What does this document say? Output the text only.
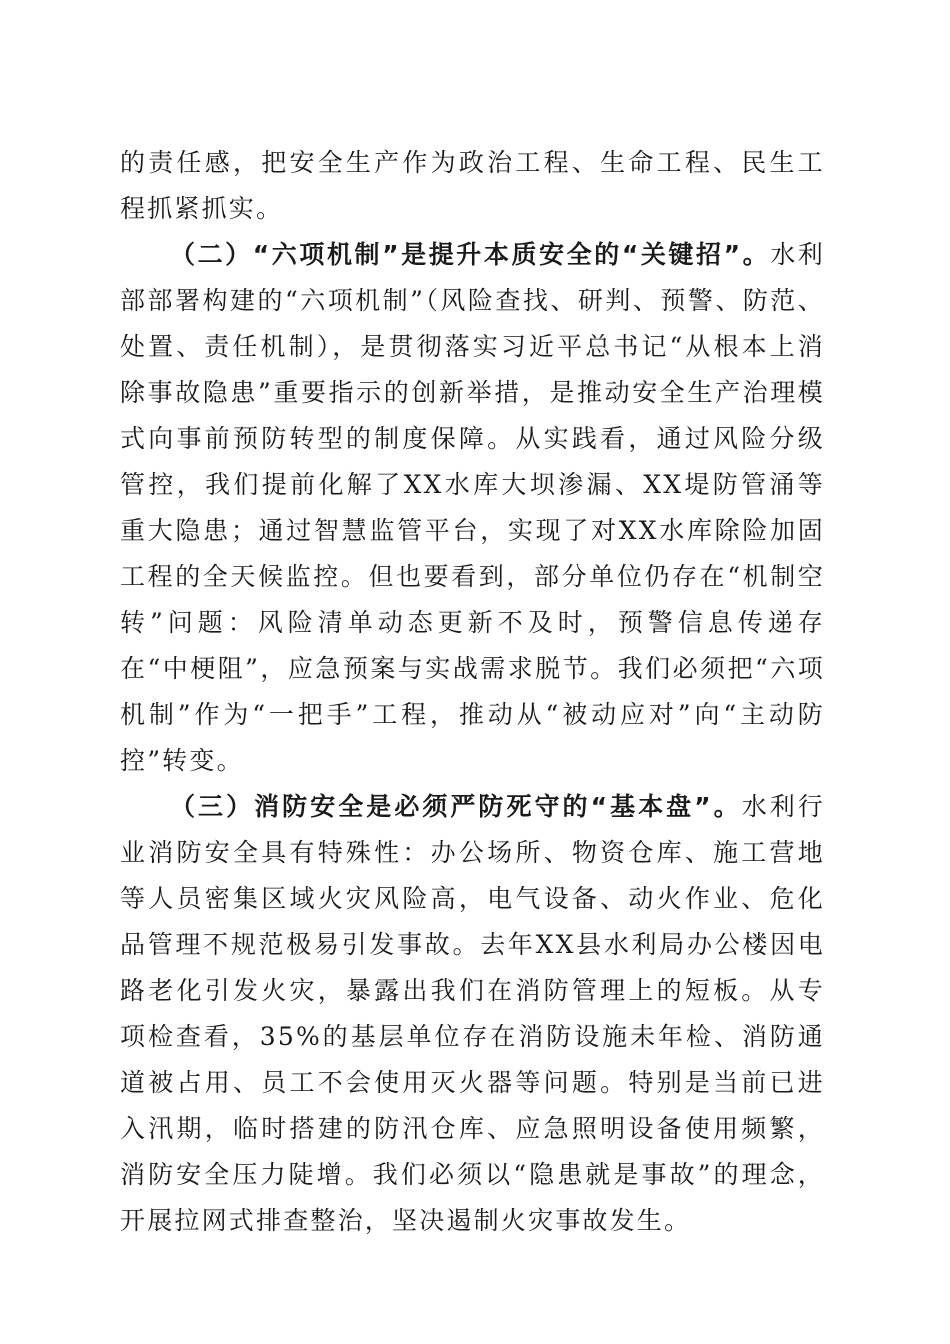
的责任感，把安全生产作为政治工程、生命工程、民生工程抓紧抓实。

（二）“六项机制”是提升本质安全的“关键招”。水利部部署构建的“六项机制”（风险查找、研判、预警、防范、处置、责任机制），是贯彻落实习近平总书记“从根本上消除事故隐患”重要指示的创新举措，是推动安全生产治理模式向事前预防转型的制度保障。从实践看，通过风险分级管控，我们提前化解了XX水库大坝渗漏、XX堤防管涌等重大隐患；通过智慧监管平台，实现了对XX水库除险加固工程的全天候监控。但也要看到，部分单位仍存在“机制空转”问题：风险清单动态更新不及时，预警信息传递存在“中梗阻”，应急预案与实战需求脱节。我们必须把“六项机制”作为“一把手”工程，推动从“被动应对”向“主动防控”转变。

（三）消防安全是必须严防死守的“基本盘”。水利行业消防安全具有特殊性：办公场所、物资仓库、施工营地等人员密集区域火灾风险高，电气设备、动火作业、危化品管理不规范极易引发事故。去年XX县水利局办公楼因电路老化引发火灾，暴露出我们在消防管理上的短板。从专项检查看，35%的基层单位存在消防设施未年检、消防通道被占用、员工不会使用灭火器等问题。特别是当前已进入汛期，临时搭建的防汛仓库、应急照明设备使用频繁，消防安全压力陡增。我们必须以“隐患就是事故”的理念，开展拉网式排查整治，坚决遏制火灾事故发生。
